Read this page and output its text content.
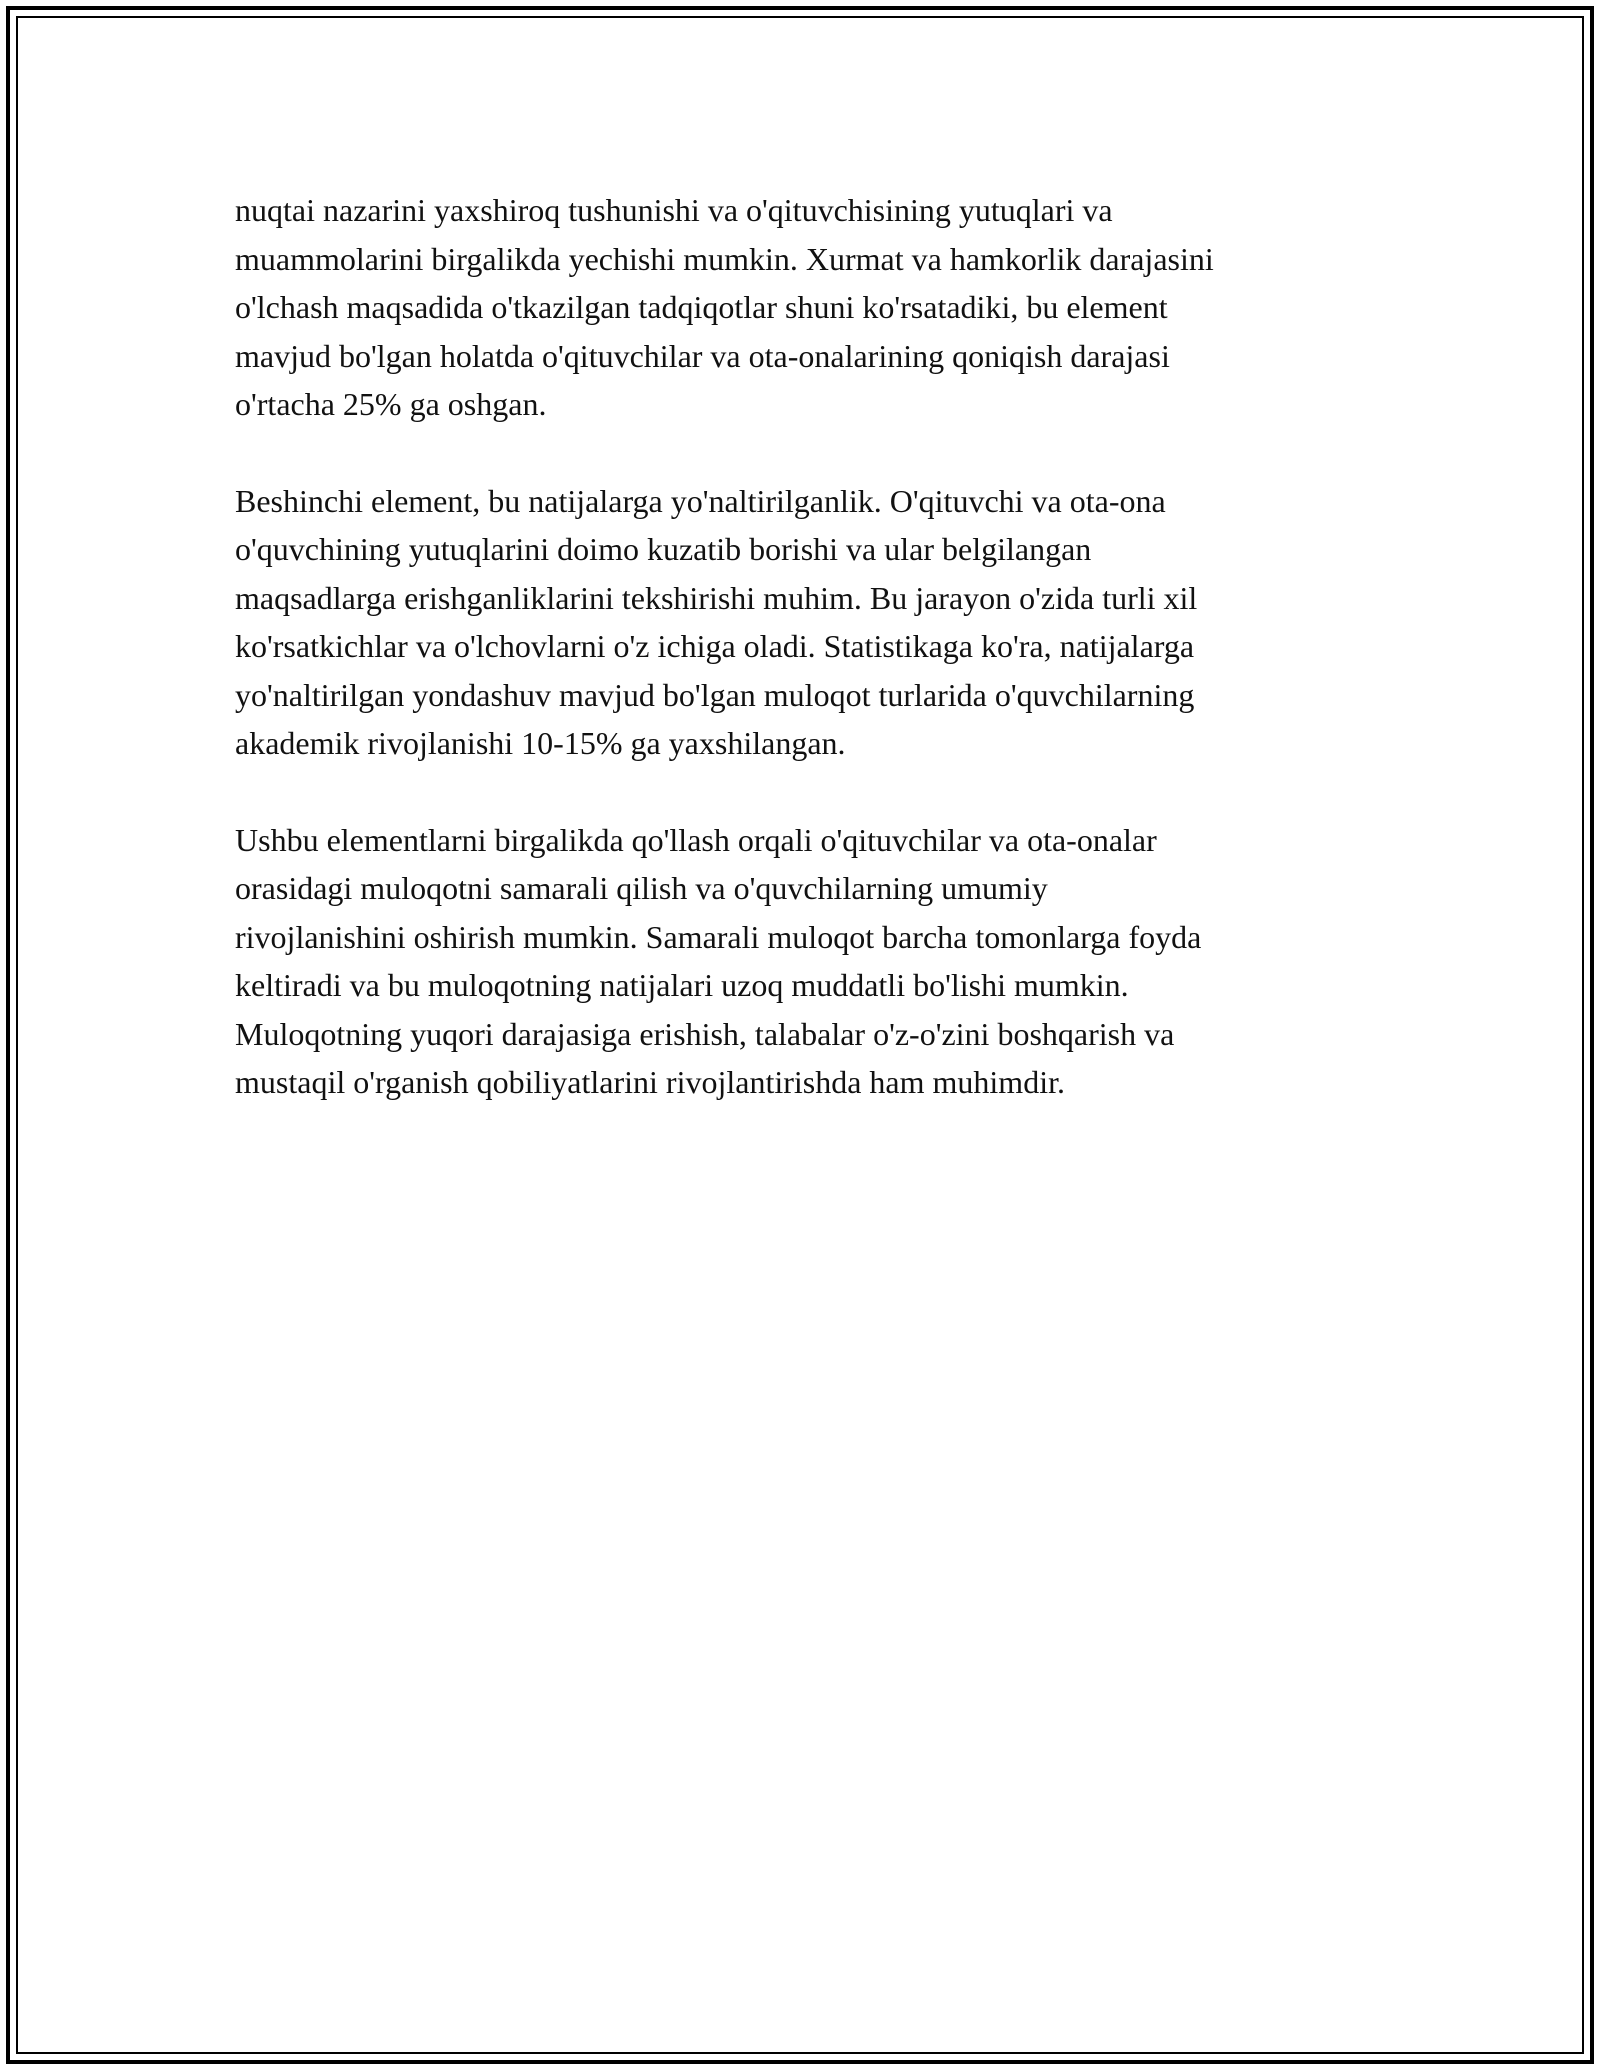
nuqtai nazarini yaxshiroq tushunishi va o'qituvchisining yutuqlari va
muammolarini birgalikda yechishi mumkin. Xurmat va hamkorlik darajasini
o'lchash maqsadida o'tkazilgan tadqiqotlar shuni ko'rsatadiki, bu element
mavjud bo'lgan holatda o'qituvchilar va ota-onalarining qoniqish darajasi
o'rtacha 25% ga oshgan.

Beshinchi element, bu natijalarga yo'naltirilganlik. O'qituvchi va ota-ona
o'quvchining yutuqlarini doimo kuzatib borishi va ular belgilangan
maqsadlarga erishganliklarini tekshirishi muhim. Bu jarayon o'zida turli xil
ko'rsatkichlar va o'lchovlarni o'z ichiga oladi. Statistikaga ko'ra, natijalarga
yo'naltirilgan yondashuv mavjud bo'lgan muloqot turlarida o'quvchilarning
akademik rivojlanishi 10-15% ga yaxshilangan.

Ushbu elementlarni birgalikda qo'llash orqali o'qituvchilar va ota-onalar
orasidagi muloqotni samarali qilish va o'quvchilarning umumiy
rivojlanishini oshirish mumkin. Samarali muloqot barcha tomonlarga foyda
keltiradi va bu muloqotning natijalari uzoq muddatli bo'lishi mumkin.
Muloqotning yuqori darajasiga erishish, talabalar o'z-o'zini boshqarish va
mustaqil o'rganish qobiliyatlarini rivojlantirishda ham muhimdir.
